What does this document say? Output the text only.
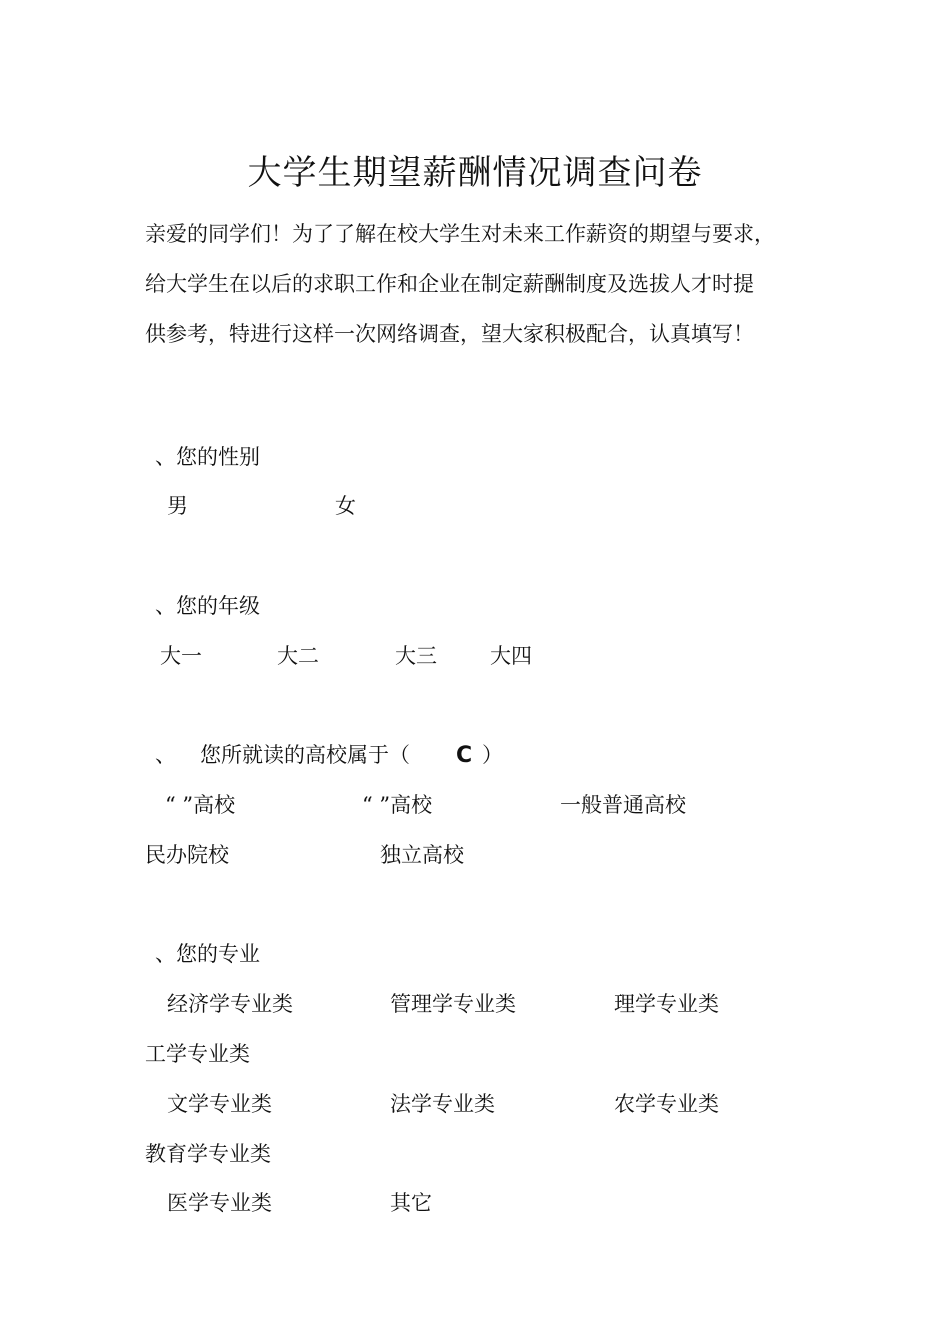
大学生期望薪酬情况调查问卷
亲爱的同学们！为了了解在校大学生对未来工作薪资的期望与要求，
给大学生在以后的求职工作和企业在制定薪酬制度及选拔人才时提
供参考，特进行这样一次网络调查，望大家积极配合，认真填写！
、您的性别
男	女
、您的年级
大一	大二	大三	大四
、 您所就读的高校属于（ C ）
“ ”高校	“ ”高校	一般普通高校
民办院校	独立高校
、您的专业
经济学专业类	管理学专业类	理学专业类
工学专业类
文学专业类	法学专业类	农学专业类
教育学专业类
医学专业类	其它
